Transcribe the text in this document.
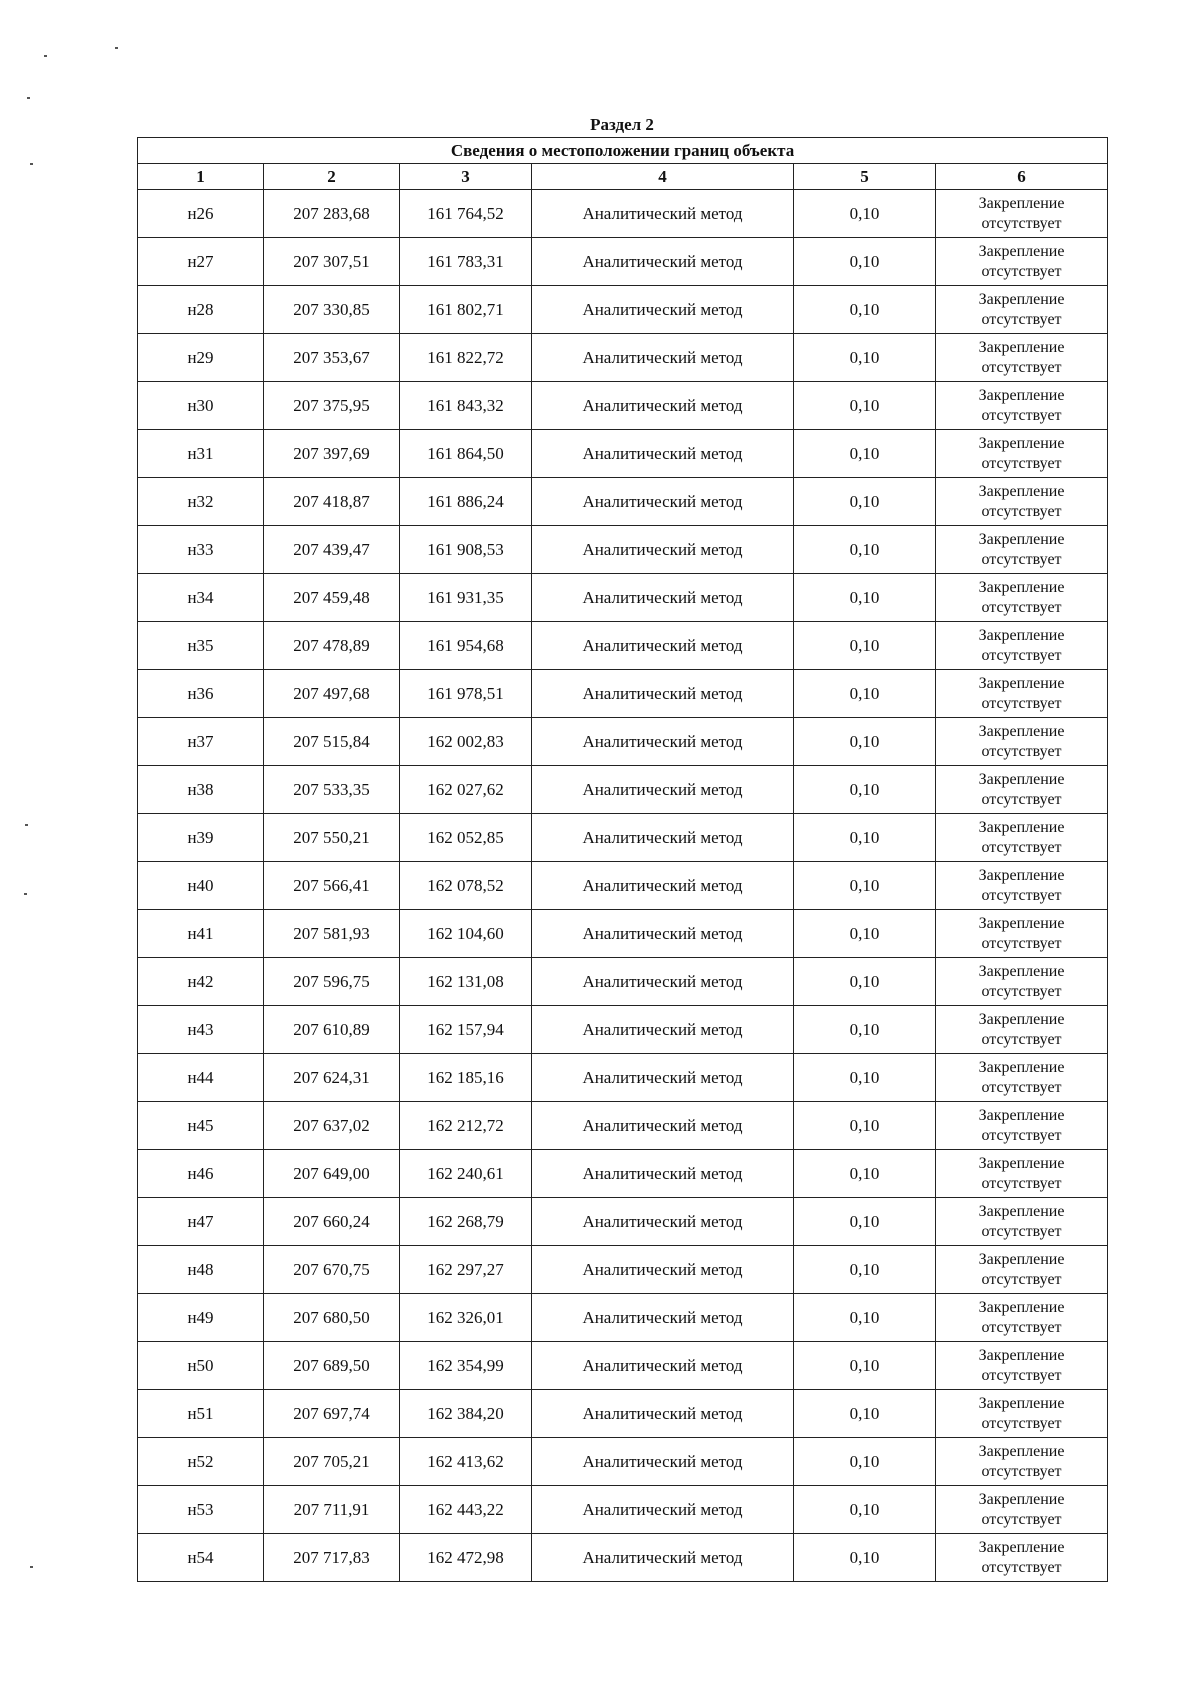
Раздел 2
Сведения о местоположении границ объекта					
1	2	3	4	5	6
н26	207 283,68	161 764,52	Аналитический метод	0,10	Закрепление
отсутствует

н27	207 307,51	161 783,31	Аналитический метод	0,10	Закрепление
отсутствует

н28	207 330,85	161 802,71	Аналитический метод	0,10	Закрепление
отсутствует

н29	207 353,67	161 822,72	Аналитический метод	0,10	Закрепление
отсутствует

н30	207 375,95	161 843,32	Аналитический метод	0,10	Закрепление
отсутствует

н31	207 397,69	161 864,50	Аналитический метод	0,10	Закрепление
отсутствует

н32	207 418,87	161 886,24	Аналитический метод	0,10	Закрепление
отсутствует

н33	207 439,47	161 908,53	Аналитический метод	0,10	Закрепление
отсутствует

н34	207 459,48	161 931,35	Аналитический метод	0,10	Закрепление
отсутствует

н35	207 478,89	161 954,68	Аналитический метод	0,10	Закрепление
отсутствует

н36	207 497,68	161 978,51	Аналитический метод	0,10	Закрепление
отсутствует

н37	207 515,84	162 002,83	Аналитический метод	0,10	Закрепление
отсутствует

н38	207 533,35	162 027,62	Аналитический метод	0,10	Закрепление
отсутствует

н39	207 550,21	162 052,85	Аналитический метод	0,10	Закрепление
отсутствует

н40	207 566,41	162 078,52	Аналитический метод	0,10	Закрепление
отсутствует

н41	207 581,93	162 104,60	Аналитический метод	0,10	Закрепление
отсутствует

н42	207 596,75	162 131,08	Аналитический метод	0,10	Закрепление
отсутствует

н43	207 610,89	162 157,94	Аналитический метод	0,10	Закрепление
отсутствует

н44	207 624,31	162 185,16	Аналитический метод	0,10	Закрепление
отсутствует

н45	207 637,02	162 212,72	Аналитический метод	0,10	Закрепление
отсутствует

н46	207 649,00	162 240,61	Аналитический метод	0,10	Закрепление
отсутствует

н47	207 660,24	162 268,79	Аналитический метод	0,10	Закрепление
отсутствует

н48	207 670,75	162 297,27	Аналитический метод	0,10	Закрепление
отсутствует

н49	207 680,50	162 326,01	Аналитический метод	0,10	Закрепление
отсутствует

н50	207 689,50	162 354,99	Аналитический метод	0,10	Закрепление
отсутствует

н51	207 697,74	162 384,20	Аналитический метод	0,10	Закрепление
отсутствует

н52	207 705,21	162 413,62	Аналитический метод	0,10	Закрепление
отсутствует

н53	207 711,91	162 443,22	Аналитический метод	0,10	Закрепление
отсутствует

н54	207 717,83	162 472,98	Аналитический метод	0,10	Закрепление
отсутствует
